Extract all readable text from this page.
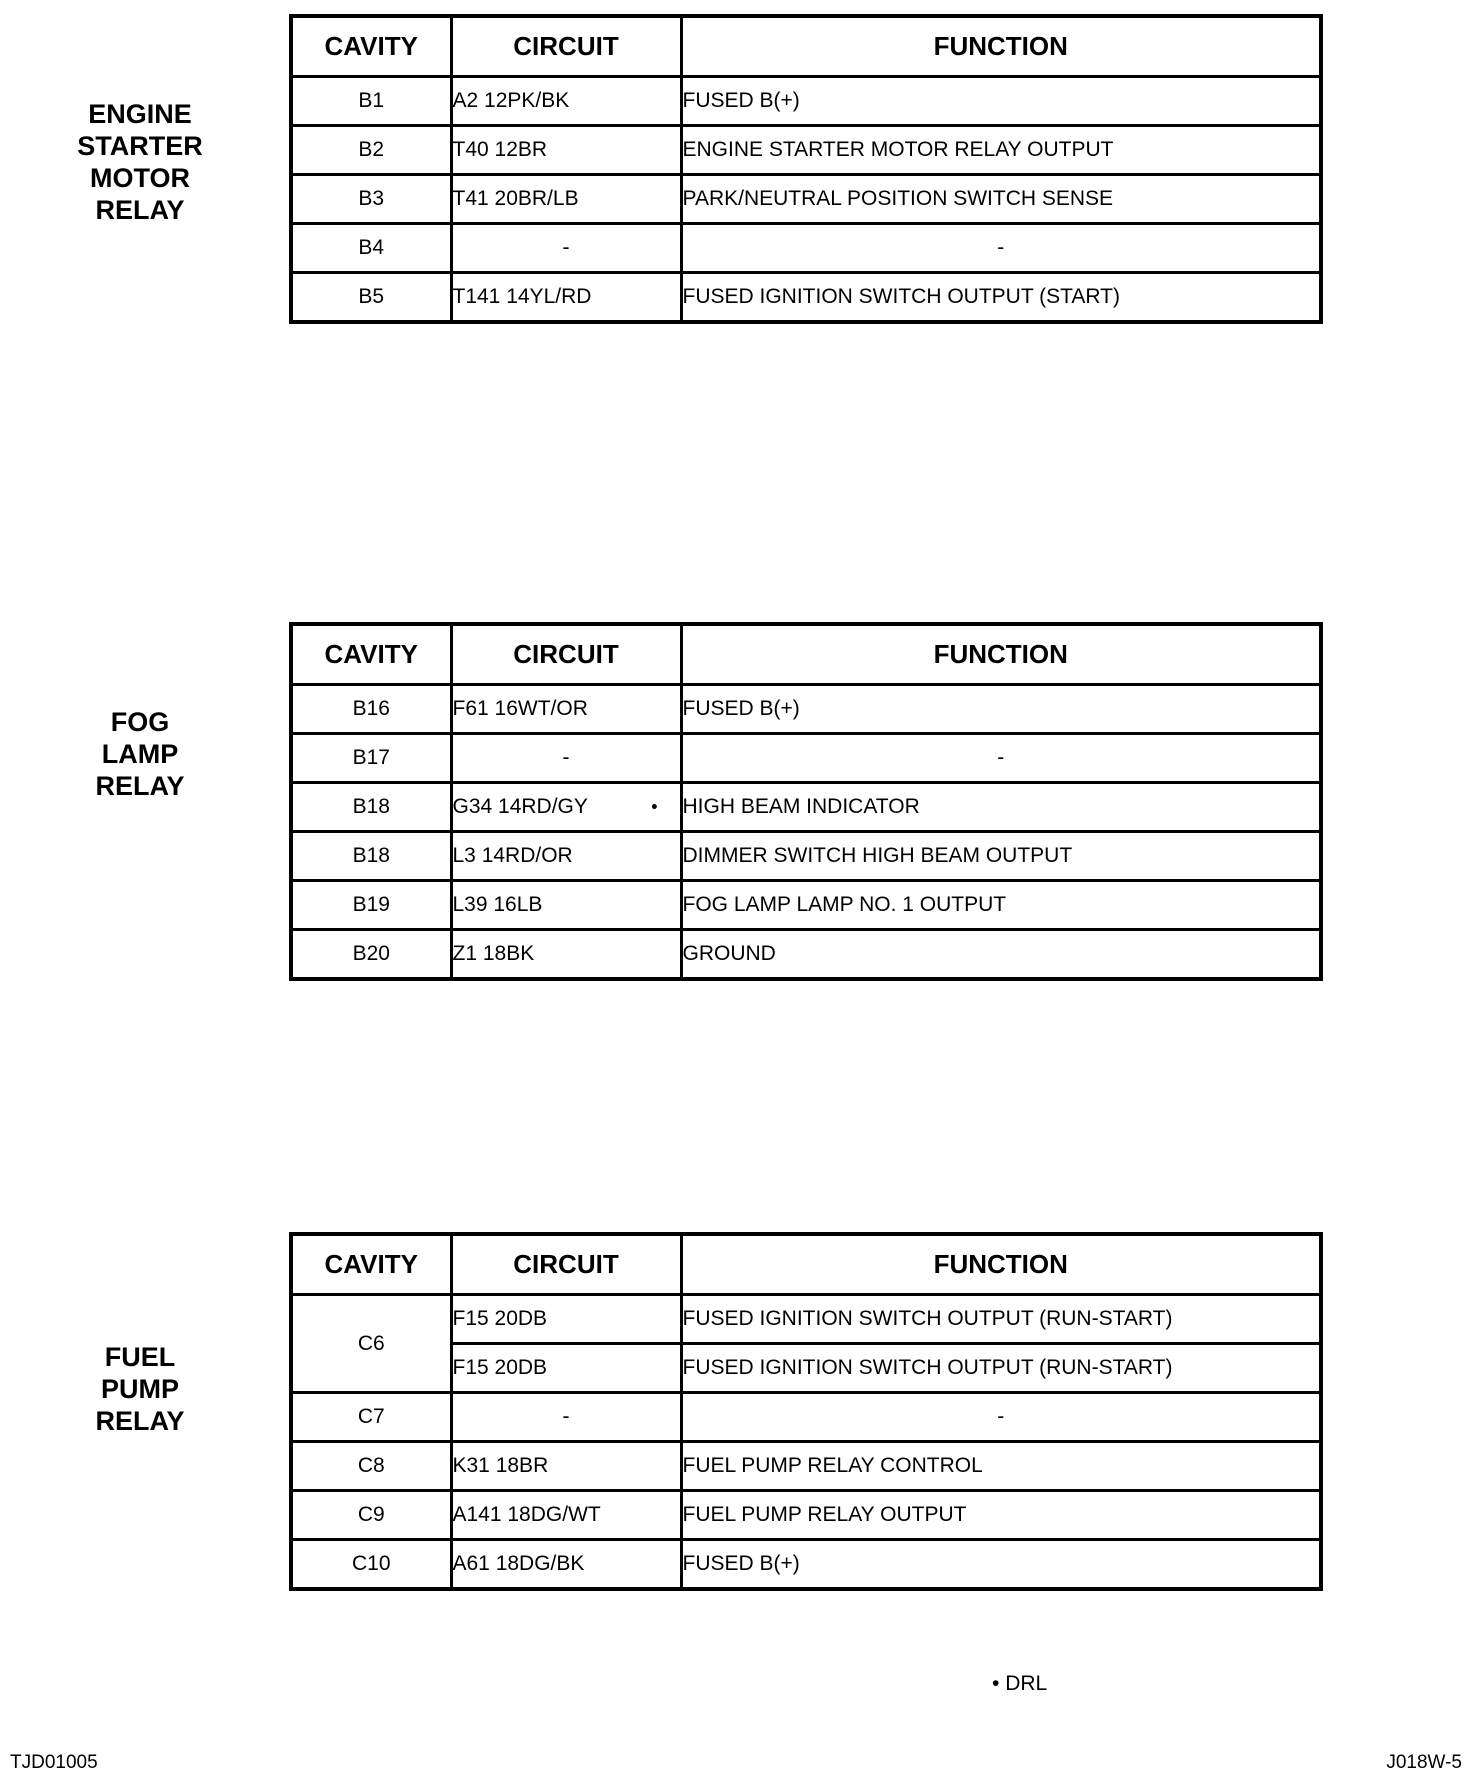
ENGINE
STARTER
MOTOR
RELAY
CAVITY	CIRCUIT	FUNCTION
B1	A2 12PK/BK	FUSED B(+)
B2	T40 12BR	ENGINE STARTER MOTOR RELAY OUTPUT
B3	T41 20BR/LB	PARK/NEUTRAL POSITION SWITCH SENSE
B4	-	-
B5	T141 14YL/RD	FUSED IGNITION SWITCH OUTPUT (START)
FOG
LAMP
RELAY
CAVITY	CIRCUIT	FUNCTION
B16	F61 16WT/OR	FUSED B(+)
B17	-	-
B18	G34 14RD/GY •	HIGH BEAM INDICATOR
B18	L3 14RD/OR	DIMMER SWITCH HIGH BEAM OUTPUT
B19	L39 16LB	FOG LAMP LAMP NO. 1 OUTPUT
B20	Z1 18BK	GROUND
FUEL
PUMP
RELAY
CAVITY	CIRCUIT	FUNCTION
C6	F15 20DB	FUSED IGNITION SWITCH OUTPUT (RUN-START)
	F15 20DB	FUSED IGNITION SWITCH OUTPUT (RUN-START)
C7	-	-
C8	K31 18BR	FUEL PUMP RELAY CONTROL
C9	A141 18DG/WT	FUEL PUMP RELAY OUTPUT
C10	A61 18DG/BK	FUSED B(+)
• DRL
TJD01005	J018W-5
